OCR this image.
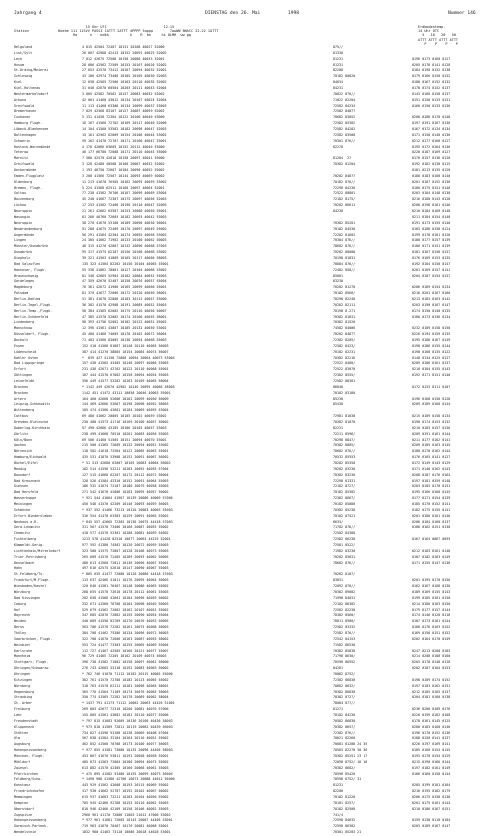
Jahrgang 4	DIENSTAG den 26. Mai          1998	Nummer 146
15 Uhr UTC                           12-15
Station              Boehe 111 11SVV PASSI 1ATTT 2ATTT 4PPPP 5appp        7wwWW 8NhCC 22-22 1ATTT
Ra      n    bdkk          k    R  bh     hi 0LMH  ww gg
Erdbodentemp.
14 Uhr UTC
5   10   20   50
ATTT ATTT ATTT ATTT
P    P    P    P
Helgoland	4 015 42504 72407 10131 20108 40027 52006	875//
List/Sylt	26 007 42968 42413 10152 20091 40025 52002	81330
Leck	7 012 42675 72508 10158 20080 40033 52001	81231	0196 0173 0160 0127
Husum	28 006 42562 72509 10153 20107 40026 52002	81231	0205 0176 0141 0128
St.Ording/Meierei	27 053 42570 73412 10167 20094 40032 52001	82208	0184 0190 0152 0138
Schleswig	43 106 42974 73408 10185 20105 40030 52003	70182 80020	0179 0166 0150 0132
Kiel	12 038 42565 72506 10163 20110 40035 52002	84634	0188 0167 0152 0132
Kiel-Holtenau	31 046 42670 60504 10203 20111 40043 52004	84231	0178 0174 0152 0137
Westermarkelsdorf	3 005 42582 70502 10157 20083 40032 52002	70022 876//	0143 0160 0150 0137
Arkona	42 001 41460 43012 10134 20107 40024 52004	71022 82204	0151 0150 0133 0131
Greifswald	11 113 41460 63306 10134 20099 40037 53003	72582 84234	0160 0150 0133 0136
Bremerhaven	7 029 42568 83107 10127 20087 40059 52002	72582 84877
Cuxhaven	5 131 41458 72304 10122 20100 40040 53000	70682 83052	0200 0188 0170 0148
Hamburg Flugh.	16 167 41560 72702 10169 20117 40040 52006	72582 85302	0197 0191 0167 0136
Lübeck-Blankensee	14 104 41560 53502 10182 20098 40047 52003	72582 84202	0167 0172 0134 0134
Boltenhagen	15 161 42562 62009 10154 20106 40044 53002	72582 83500	0171 0158 0140 0136
Schwerin	59 162 41470 72707 10171 20100 40047 53001	70301 876//	0212 0177 0160 0127
Rostock-Warnemünde	4 170 42066 63605 10152 20112 40040 53000	82270	0195 0172 0164 0136
Teterow	46 177 66700 72008 10171 20110 40045 55000	0228 0187 0169 0127
Marnitz	7 580 42570 42810 10158 20097 40041 55000	81204  27	0170 0157 0136 0120
Greifswald	3 120 42480 40508 10160 20087 40032 52002	70382 81204	0192 0162 0130 0115
Ueckermünde	1 193 46750 72607 10184 20090 40052 55002	0181 0213 0135 0120
Emden-Flugplatz	3 200 41566 72507 10144 20093 40069 50002	70282 84877	0180 0183 0160 0140
Oldenburg	11 213 41670 76505 10162 20095 40059 53002	70182 876//	0201 0187 0152 0136
Bremen, Flugh.	5 224 41568 62511 10160 20097 40064 52001	72298 84230	0180 0175 0151 0140
Soltau	77 230 41562 76706 10167 20099 40069 53004	72522 80801	0203 0184 0148 0130
Boizenburg	45 240 41667 72307 10175 20097 40056 52003	72182 8175/	0216 0180 0143 0128
Lüchow	17 253 41562 72408 10190 20110 40047 52005	70282 86611	0200 0198 0161 0146
Neuruppin	21 261 42662 63507 10153 20080 40050 55001	84230	0210 0184 0160 0140
Wasungin	81 266 46760 72605 10182 20093 40042 53003	0211 0184 0154 0140
Neuruppin	38 270 41670 53108 10189 20090 40030 56001	70382 85201	0191 0173 0155 0140
Neubrandenburg	91 280 41675 72409 10170 20097 40049 55002	70182 84530	0183 0188 0158 0124
Angermünde	56 291 41564 42304 10174 20092 40058 53002	72282 81602	0199 0178 0161 0126
Lingen	24 305 41662 71902 10133 20100 40062 50003	70384 876//	0180 0177 0157 0139
Münster/Osnabrück	48 315 41270 42807 10132 20096 40068 57003	78682 876//	0180 0171 0151 0139
Osnabrück	95 317 41575 62107 10156 20108 40068 53002	70282 80000	0181 0167 0158 0137
Diepholz	39 321 41563 41809 10165 20117 40066 58003	70198 81831	0176 0169 0153 0135
Bad Salzuflen	135 323 41564 82202 10156 20104 40065 55001	78084 876//	0192 0184 0150 0147
Hannover, Flugh.	55 338 41862 70001 10127 20104 40066 53002	72482 858//	0201 0169 0157 0141
Braunschweig	81 348 42665 52904 10182 20084 40052 55003	85001	0204 0187 0154 0137
Gardelegen	47 359 42670 52407 10158 20076 40057 55004	83230
Magdeburg	76 361 42672 41906 10165 20099 40060 55001	70282 81270	0206 0189 0154 0134
Potsdam	81 379 41677 72606 10172 20120 40050 58001	70182 8560/	0216 0201 0167 0160
Berlin-Dahlem	51 381 41670 52808 10183 20112 40057 53000	70298 82240	0213 0183 0163 0142
Berlin-Tegel,Flugh.	36 382 41570 42908 10191 20085 40052 55003	70282 82111	0203 0190 0167 0147
Berlin-Temp.,Flugh.	50 384 41565 62002 10175 20116 40056 50007	70198 8.271	0174 0150 0140 0135
Berlin-Schönefeld	47 385 41570 52002 10174 20106 40055 58001	70382 81831	0180 0173 0156 0134
Lindenberg	98 393 41756 52002 10182 20122 40051 55002	70382 81520
Manschnow	12 396 41561 43807 10185 20132 40050 53002	74582 84006	0232 0189 0158 0150
Düsseldorf, Flugh.	45 400 41460 74605 10170 20102 40072 56004	70282 84877	0226 0194 0159 0135
Bocholt	71 403 41566 83005 10138 20094 40068 55003	72382 8205/	0195 0188 0167 0149
Essen	152 410 41568 81807 10148 20110 40065 56003	72582 8423/	0198 0186 0155 0144
Lüdenscheid	387 414 41270 38805 10154 20084 40074 56007	70182 82231	0190 0168 0135 0122
Kahler Asten	*  839 427 41158 72808 10094 20064 40073 53004	70382 82216	0148 0134 0125 0127
Bad Lippspringe	157 430 41565 43405 10146 20097 40066 53003	72522 8480/	0209 0186 0161 0137
Erfurt	231 436 42671 42702 10122 20110 40068 55001	72522 83070	0210 0184 0155 0143
Göttingen	167 444 41570 67002 10158 20094 40054 55003	72382 8555/	0192 0171 0151 0140
Leinefelde	356 449 41577 53202 10163 20109 40065 58004	72582 88301
Brocken	* 1142 449 42670 42902 10140 20095 40066 58005	86840	0172 0153 0111 0107
Brocken	1142 451 41472 43111 10058 20046 40063 55001	70182 83180
Artern	164 460 42668 52606 10162 20099 40050 56009	85230	0196 0168 0150 0128
Leipzig-Schkeuditz	144 469 42666 52607 10198 20098 40052 58003	85430	0209 0189 0160 0144
Wittenberg	105 474 41566 42601 10184 20069 40055 53004
Cottbus	69 480 41662 20005 10185 20102 40059 53002	72981 81030	0215 0189 0158 0134
Dresden-Klotzsche	230 488 41573 41716 10169 20100 40057 50002	70382 81070	0198 0174 0153 0132
Doberlug-Kirchhain	97 490 42666 43105 10186 20103 40057 53003	82231	0210 0183 0157 0136
Görlitz	238 499 41668 70510 10201 20083 40056 55003	72211 8596/	0209 0191 0161 0144
Köln/Bonn	69 506 41460 51505 10151 20094 40070 53001	70298 8847/	0211 0177 0162 0141
Aachen	215 500 41565 72609 10132 20094 40051 53002	70382 8805/	0209 0185 0163 0145
Nörvenich	118 502 41610 72504 10122 20085 40063 55001	70682 876//	0180 0170 0162 0144
Hamburg/Eichwald	435 531 41870 53908 10152 20091 40067 56002	70532 85553	0176 0165 0141 0127
Büchel/Eifel	* 51 513 42680 62007 10165 20083 40064 56002	70282 85350	0172 0149 0143 0129
Meudig	102 514 41558 52211 10183 20092 40055 57004	70282 83230	0171 0148 0162 0143
Bonndorf	127 515 41668 62207 10172 20112 40072 56004	70382 83230	0208 0187 0176 0164
Bad Kreuznach	128 526 41584 42310 10152 20091 40064 55003	72298 81331	0197 0181 0159 0148
Giessen	186 532 41674 72107 10180 20079 40058 55003	72182 8727/	0203 0185 0170 0151
Bad Hersfeld	271 542 41670 42006 10183 20095 40057 56002	70182 85302	0195 0166 0160 0145
Wasserkuppe	* 921 544 41664 41907 10139 20086 40069 57006	72382 8667/	0177 0171 0154 0139
Meiningen	450 548 41570 42209 10148 20093 40059 56003	70182 85080	0185 0170 0152 0141
Schmücke	* 937 552 41466 73213 10120 20083 40063 55003	70382 85230	0182 0175 0155 0141
Erfurt-Bindersleben	316 554 41470 63303 10159 20091 40065 53002	70102 87521	0201 0180 0161 0146
Neuhaus a.R.	* 845 557 42665 72305 10136 20075 44418 57003	8633/	0206 0184 0160 0137
Gera-Leumnitz	311 567 41570 73406 10166 20087 40055 55002	71782 876//	0180 0162 0151 0130
Chemnitz	418 577 41570 52301 10188 20081 40059 54002	72502 84380
Fichtelberg	1213 578 41428 82510 10077 20063 44225 52001	72582 86230	0167 0164 0067 0055
Kümmeldt-Gerig.	977 592 41380 74502 10120 20072 40059 55003	72581 8522/
Lichtenhain/Mittelndorf	323 500 41575 72807 10128 20108 40073 55003	71982 83230	0212 0183 0161 0148
Trier-Petrisberg	265 609 41570 72405 10189 20093 40062 56005	70282 83831	0187 0182 0163 0149
Deuselbach	480 613 41560 72811 10136 20096 40067 55001	78682 876//	0171 0155 0147 0136
Hahn	497 616 42575 52610 10147 20090 40067 55003
St.Feldberg/Ts.	* 805 635 41477 72008 10120 20080 44418 57003	70282 8107/
Frankfurt/M.Flugh.	113 637 42466 41011 10176 20095 40064 56003	83831	0201 0195 0170 0156
Wiesbaden/Kastel	120 646 41581 76407 10148 20080 40063 55002	72092 876//	0162 0167 0168 0136
Würzburg	268 655 41570 72610 10178 20112 40061 55003	70382 89002	0189 0169 0155 0143
Bad Kissingen	282 658 41566 42601 10184 20096 40059 58002	71998 84031	0199 0185 0161 0150
Coburg	332 671 41560 76700 10164 20098 40049 56003	72182 86302	0214 0180 0163 0150
Hof	529 679 41562 72002 10162 20107 40051 55002	72582 82230	0179 0177 0157 0144
Bayreuth	347 685 42076 72802 10155 20090 40054 55004	70382 8560/	0174 0146 0120 0116
Weiden	440 689 41558 82709 10170 20076 40053 56005	78011 8900/	0187 0173 0161 0144
Berus	363 706 41570 72202 10161 20075 40068 56003	72582 83332	0180 0176 0163 0152
Thüley	384 708 41462 75306 10134 20096 40072 56003	72582 876//	0169 0156 0151 0152
Saarbrücken, Flugh.	322 708 41670 72606 10163 20087 40055 58002	72542 84153	0202 0164 0170 0149
Weinbiet	553 724 41477 73303 10155 20065 40069 55004	71582 86530
Karlsruhe	112 727 41467 42505 10166 20121 40077 55007	70382 85830	0247 0213 0200 0183
Mannheim	96 729 41465 72205 10162 20109 40074 56003	71798 8630/	0214 0200 0180 0160
Stuttgart, Flugh.	396 738 41582 71002 10158 20097 40061 56000	70598 86552	0203 0170 0148 0128
Öhringen/Schwarzw.	276 743 42683 53118 10192 20083 40063 56002	84201	0202 0187 0164 0153
Öhringen	* 762 746 41070 71112 10182 20115 40065 55000	70082 8752/
Kitzingen	302 761 41570 72708 10182 20123 40065 55002	72382 86830	0198 0189 0174 0152
Nürnberg	318 763 41570 62111 10181 20098 40065 58001	70082 8632/	0197 0183 0162 0151
Regensburg	365 776 41564 71109 10174 20076 40065 50003	70382 86830	0212 0185 0165 0157
Straubing	350 774 41565 72202 10178 20089 40062 58004	70382 8727/	0204 0181 0160 0138
St. Arber	* 1437 791 41173 71112 10082 20063 44426 51001	78084 877//
Freiburg	269 803 42677 72310 10200 20081 40076 57006	81271	0236 0200 0189 0176
Lahr	155 805 41561 43602 10181 20110 40077 55006	70182 84230	0226 0199 0182 0160
Freudenstadt	* 797 815 41683 92609 10136 20100 40436 58003	70582 86830	0178 0161 0145 0125
Klippeneck	* 973 818 41569 72811 10119 20082 40439 56003	70382 8657/	0200 0183 0160 0146
Stötten	734 827 41598 93108 10138 20089 40408 57004	72382 876//	0196 0178 0152 0136
Ulm	567 838 41584 32104 10164 20110 40051 55002	70021 82260	0188 0150 0141 0137
Augsburg	462 852 41560 70708 10173 20100 40077 56003	70081 81208 24 35	0226 0197 0169 0141
Hohenpeissenberg	* 977 855 41581 73008 10135 20096 44405 58003	70583 82270 30 36	0185 0160 0154 0145
München, Flugh.	453 867 41670 53011 10191 20058 40058 55001	70382 85251 23 17	0193 0170 0154 0129
Mühldorf	405 873 41563 72004 10180 20094 40073 55002	72098 8752/ 18 16	0215 0190 0166 0144
Zwiesel	613 882 41570 42305 10160 20068 40061 55003	70382 8602/	0197 0182 0161 0149
Pfarrkirchen	* 475 895 41582 53406 10155 20099 40073 56004	70598 85420	0166 0160 0150 0144
Feldberg/Schw.	* 1490 908 41580 42706 10073 20088 44612 56000	70598 8752/ 31
Konstanz	443 929 41562 42608 10193 20115 40069 55002	81231	0205 0199 0181 0164
Friedrichshafen	417 930 41662 52707 10192 20102 40067 56002	82200	0216 0195 0182 0179
Memmingen	615 937 41683 72211 10183 20104 40056 55002	70182 81220	0206 0175 0158 0138
Kempten	705 945 42466 92708 10153 20110 40062 55003	70181 8257/	0201 0175 0161 0144
Oberstdorf	810 946 42466 42109 10158 20106 40062 55003	70182 82500	0210 0186 0167 0151
Zugspitze	2960 961 41170 72006 11003 21012 47006 53002	741/4
Hohenpeissenberg	* 977 961 41681 72605 10143 20087 44405 53001	72598 84632	0159 0138 0118 0104
Garmisch-Partenk.	719 963 41670 70407 10176 20081 40068 55001	72598 86302	0203 0189 0167 0147
Wendelstein	1832 980 41463 73110 10086 20018 44628 53001	70381 85203 21
